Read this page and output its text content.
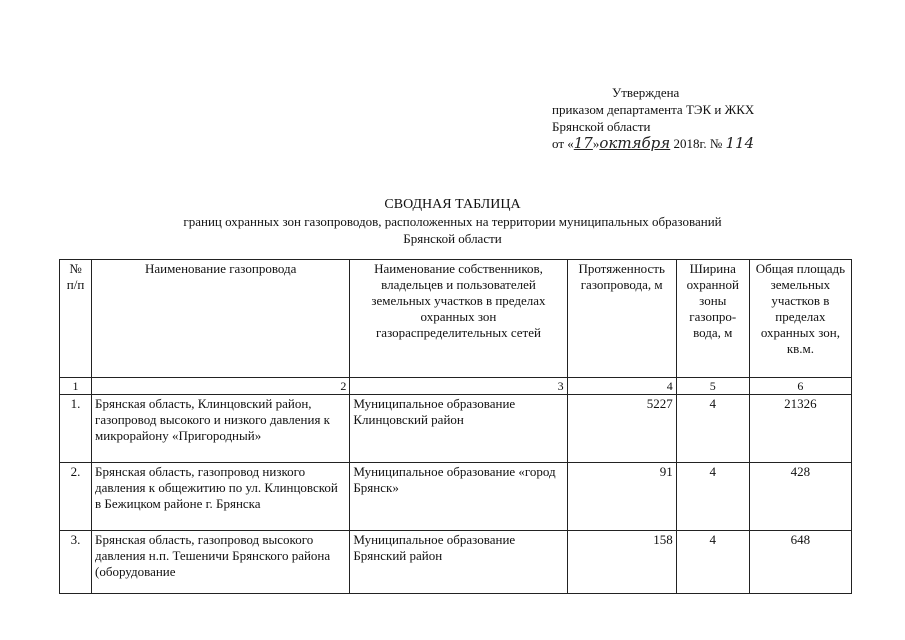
Утверждена
приказом департамента ТЭК и ЖКХ
Брянской области
от «17»октября 2018г. № 114
СВОДНАЯ ТАБЛИЦА
границ охранных зон газопроводов, расположенных на территории муниципальных образований
Брянской области
№ п/п	Наименование газопровода	Наименование собственников, владельцев и пользователей земельных участков в пределах охранных зон газораспределительных сетей	Протяженность газопровода, м	Ширина охранной зоны газопро-вода, м	Общая площадь земельных участков в пределах охранных зон, кв.м.
1	2	3	4	5	6
1.	Брянская область, Клинцовский район, газопровод высокого и низкого давления к микрорайону «Пригородный»	Муниципальное образование Клинцовский район	5227	4	21326
2.	Брянская область, газопровод низкого давления к общежитию по ул. Клинцовской в Бежицком районе г. Брянска	Муниципальное образование «город Брянск»	91	4	428
3.	Брянская область, газопровод высокого давления н.п. Тешеничи Брянского района (оборудование	Муниципальное образование Брянский район	158	4	648
